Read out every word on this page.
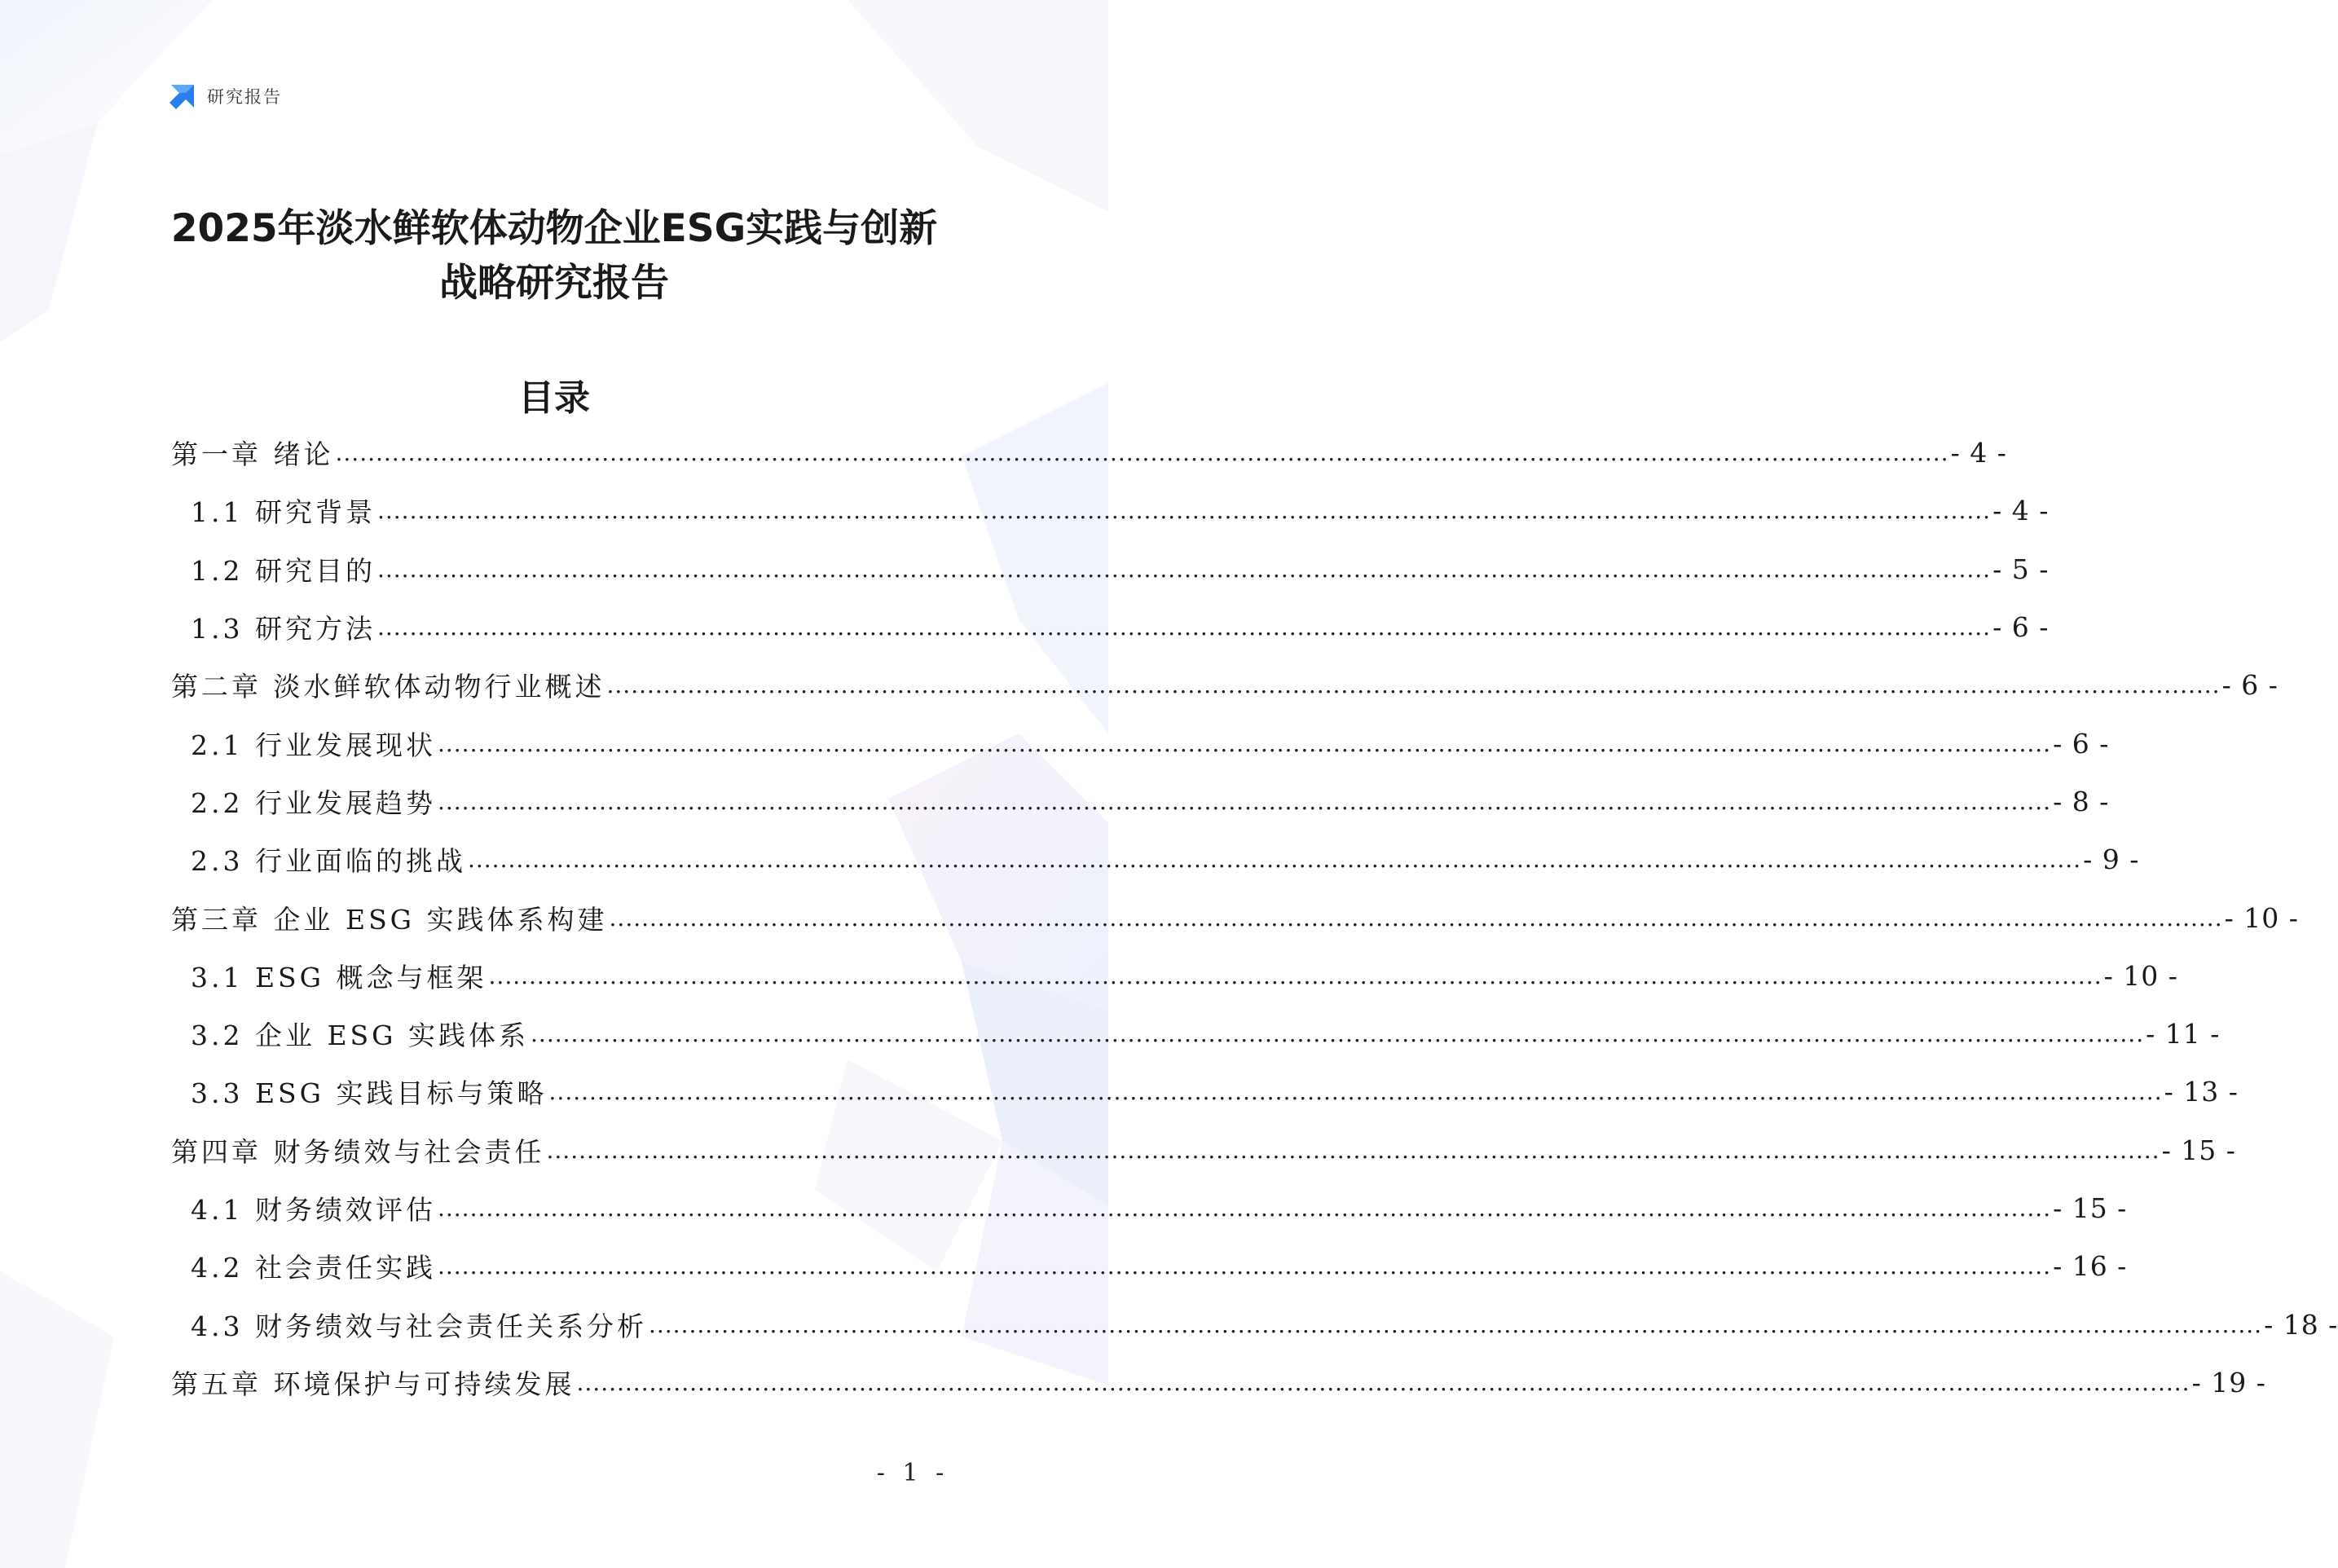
研究报告
2025年淡水鲜软体动物企业ESG实践与创新
战略研究报告
目录
第一章 绪论 ........................................................................................................................................................................................................ - 4 -
1.1 研究背景 ........................................................................................................................................................................................................ - 4 -
1.2 研究目的 ........................................................................................................................................................................................................ - 5 -
1.3 研究方法 ........................................................................................................................................................................................................ - 6 -
第二章 淡水鲜软体动物行业概述 ........................................................................................................................................................................................................ - 6 -
2.1 行业发展现状 ........................................................................................................................................................................................................ - 6 -
2.2 行业发展趋势 ........................................................................................................................................................................................................ - 8 -
2.3 行业面临的挑战 ........................................................................................................................................................................................................ - 9 -
第三章 企业 ESG 实践体系构建 ........................................................................................................................................................................................................ - 10 -
3.1 ESG 概念与框架 ........................................................................................................................................................................................................ - 10 -
3.2 企业 ESG 实践体系 ........................................................................................................................................................................................................ - 11 -
3.3 ESG 实践目标与策略 ........................................................................................................................................................................................................ - 13 -
第四章 财务绩效与社会责任 ........................................................................................................................................................................................................ - 15 -
4.1 财务绩效评估 ........................................................................................................................................................................................................ - 15 -
4.2 社会责任实践 ........................................................................................................................................................................................................ - 16 -
4.3 财务绩效与社会责任关系分析 ........................................................................................................................................................................................................ - 18 -
第五章 环境保护与可持续发展 ........................................................................................................................................................................................................ - 19 -
- 1 -
